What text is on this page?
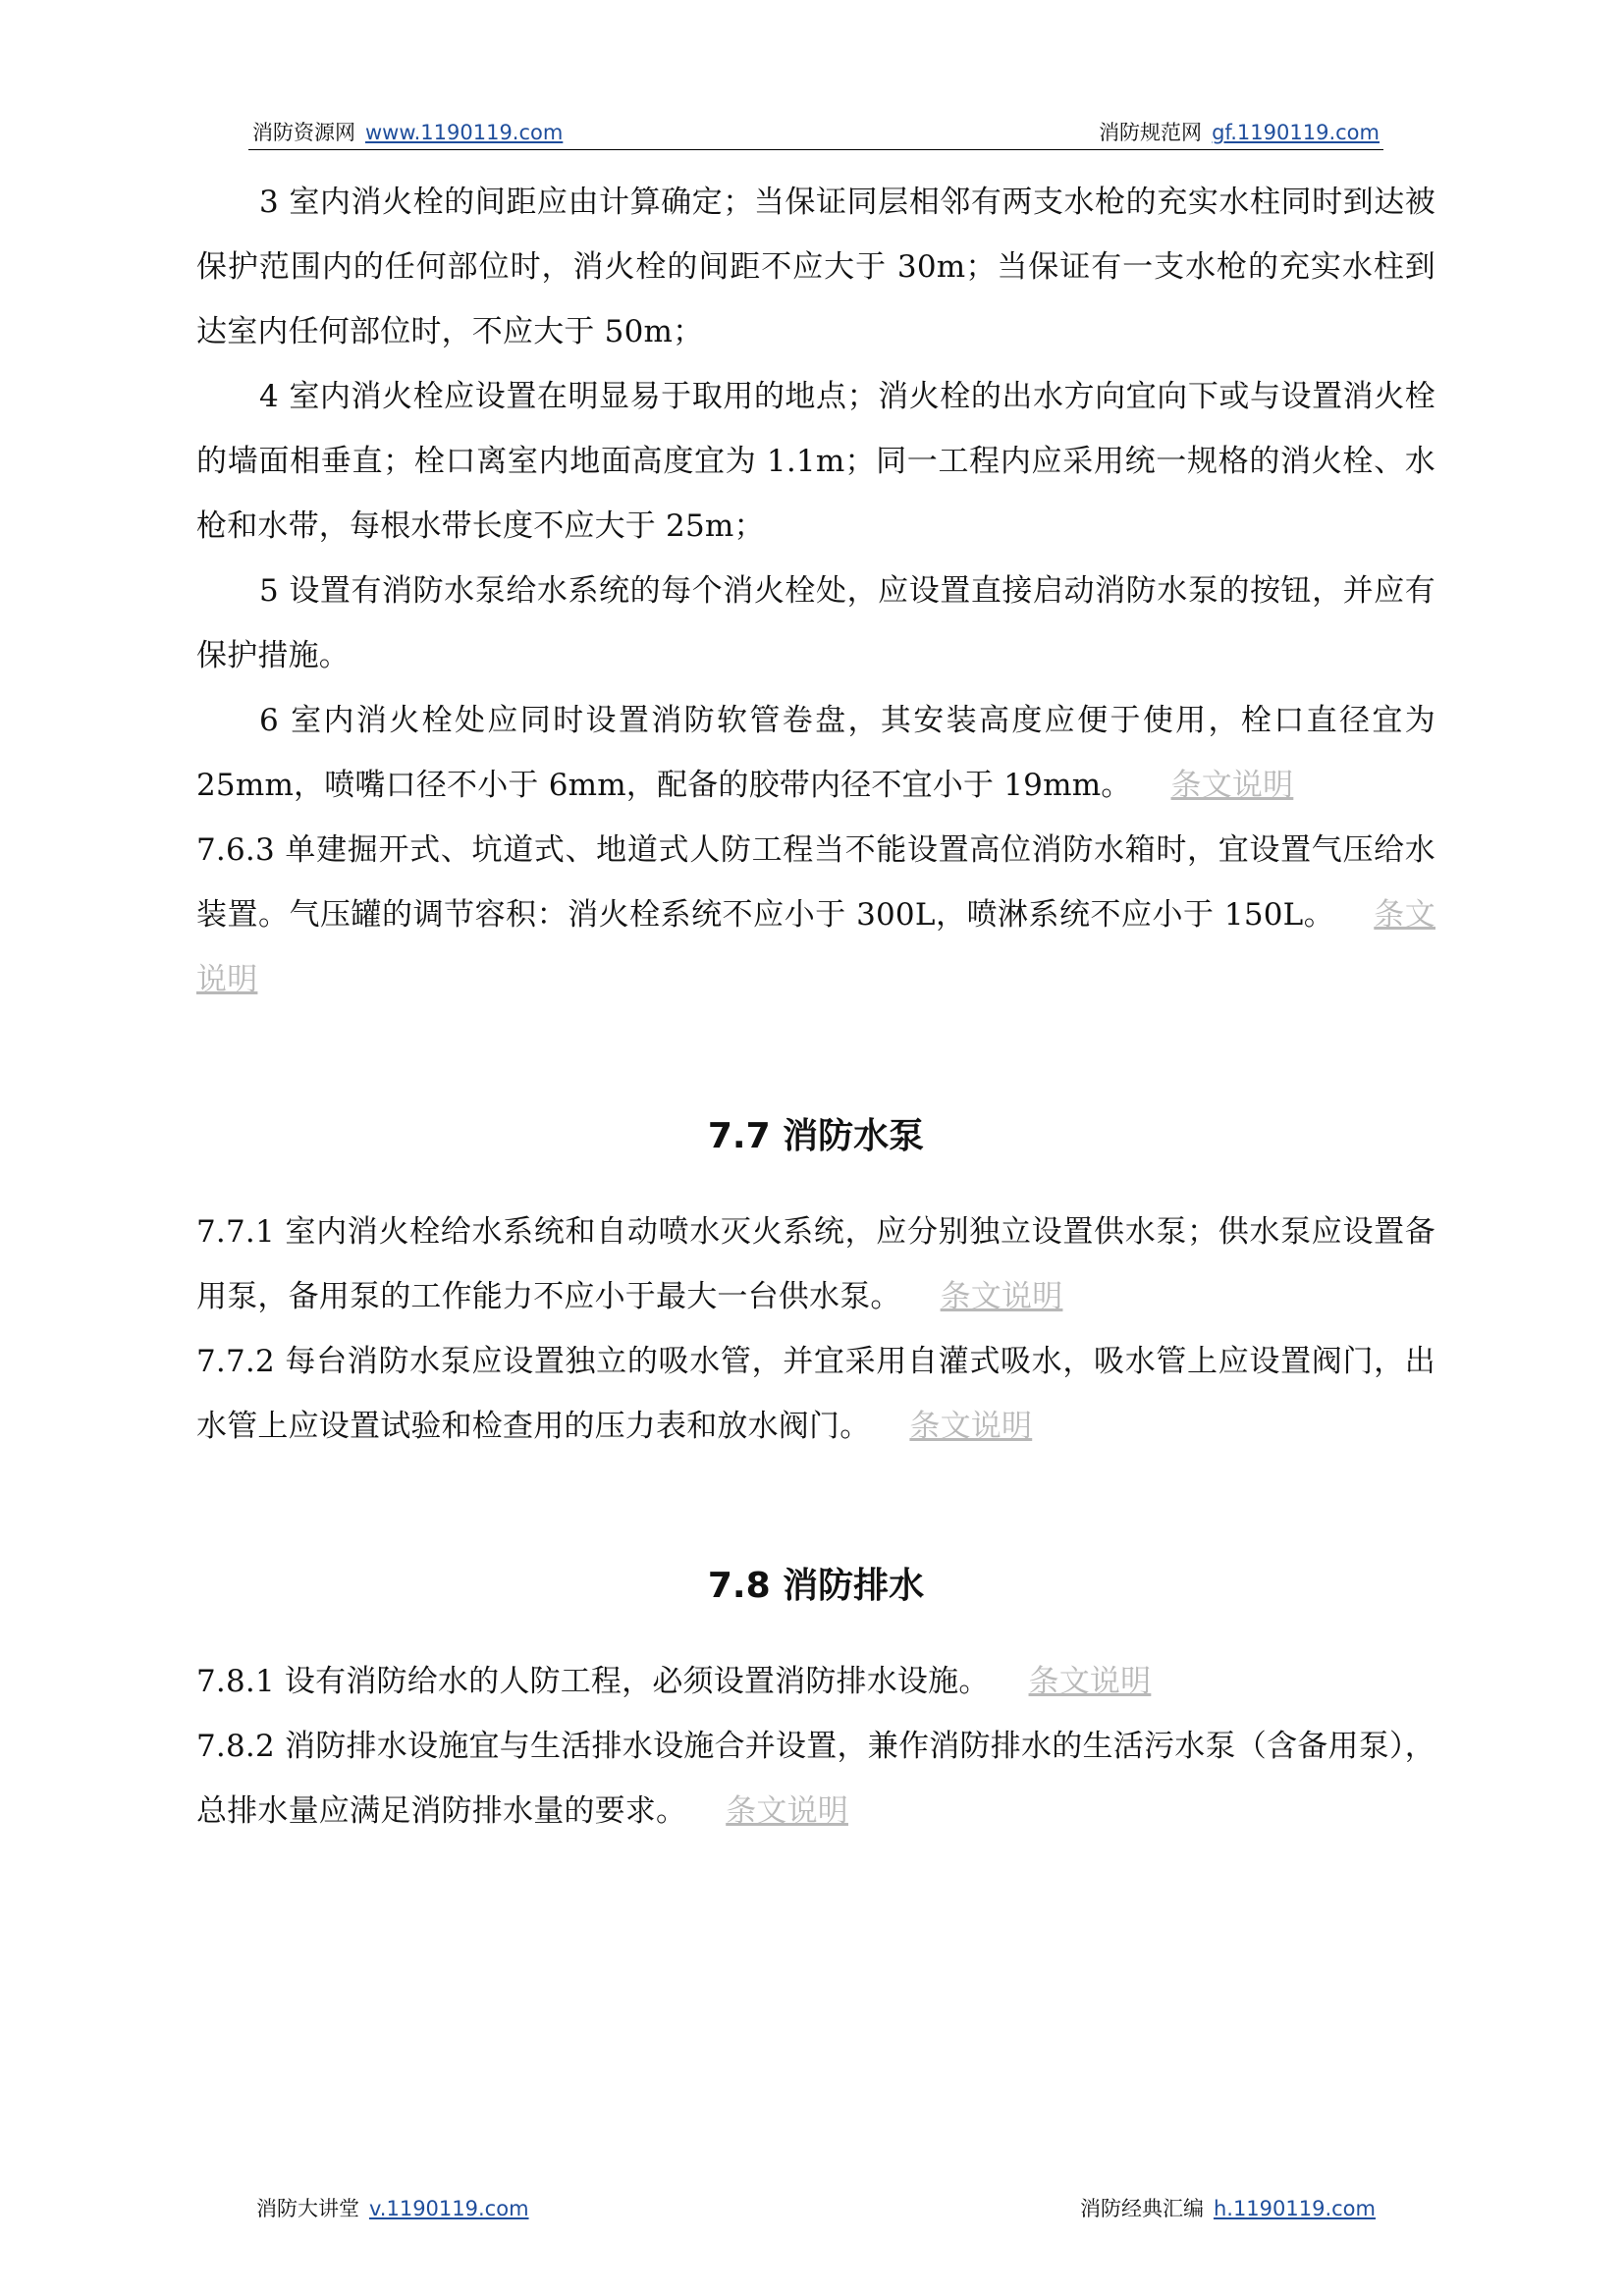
消防资源网 www.1190119.com	消防规范网 gf.1190119.com

3 室内消火栓的间距应由计算确定；当保证同层相邻有两支水枪的充实水柱同时到达被保护范围内的任何部位时，消火栓的间距不应大于 30m；当保证有一支水枪的充实水柱到达室内任何部位时，不应大于 50m；

4 室内消火栓应设置在明显易于取用的地点；消火栓的出水方向宜向下或与设置消火栓的墙面相垂直；栓口离室内地面高度宜为 1.1m；同一工程内应采用统一规格的消火栓、水枪和水带，每根水带长度不应大于 25m；

5 设置有消防水泵给水系统的每个消火栓处，应设置直接启动消防水泵的按钮，并应有保护措施。

6 室内消火栓处应同时设置消防软管卷盘，其安装高度应便于使用，栓口直径宜为 25mm，喷嘴口径不小于 6mm，配备的胶带内径不宜小于 19mm。 条文说明

7.6.3 单建掘开式、坑道式、地道式人防工程当不能设置高位消防水箱时，宜设置气压给水装置。气压罐的调节容积：消火栓系统不应小于 300L，喷淋系统不应小于 150L。 条文说明

7.7 消防水泵

7.7.1 室内消火栓给水系统和自动喷水灭火系统，应分别独立设置供水泵；供水泵应设置备用泵，备用泵的工作能力不应小于最大一台供水泵。 条文说明

7.7.2 每台消防水泵应设置独立的吸水管，并宜采用自灌式吸水，吸水管上应设置阀门，出水管上应设置试验和检查用的压力表和放水阀门。 条文说明

7.8 消防排水

7.8.1 设有消防给水的人防工程，必须设置消防排水设施。 条文说明

7.8.2 消防排水设施宜与生活排水设施合并设置，兼作消防排水的生活污水泵（含备用泵），总排水量应满足消防排水量的要求。 条文说明

消防大讲堂 v.1190119.com	消防经典汇编 h.1190119.com
